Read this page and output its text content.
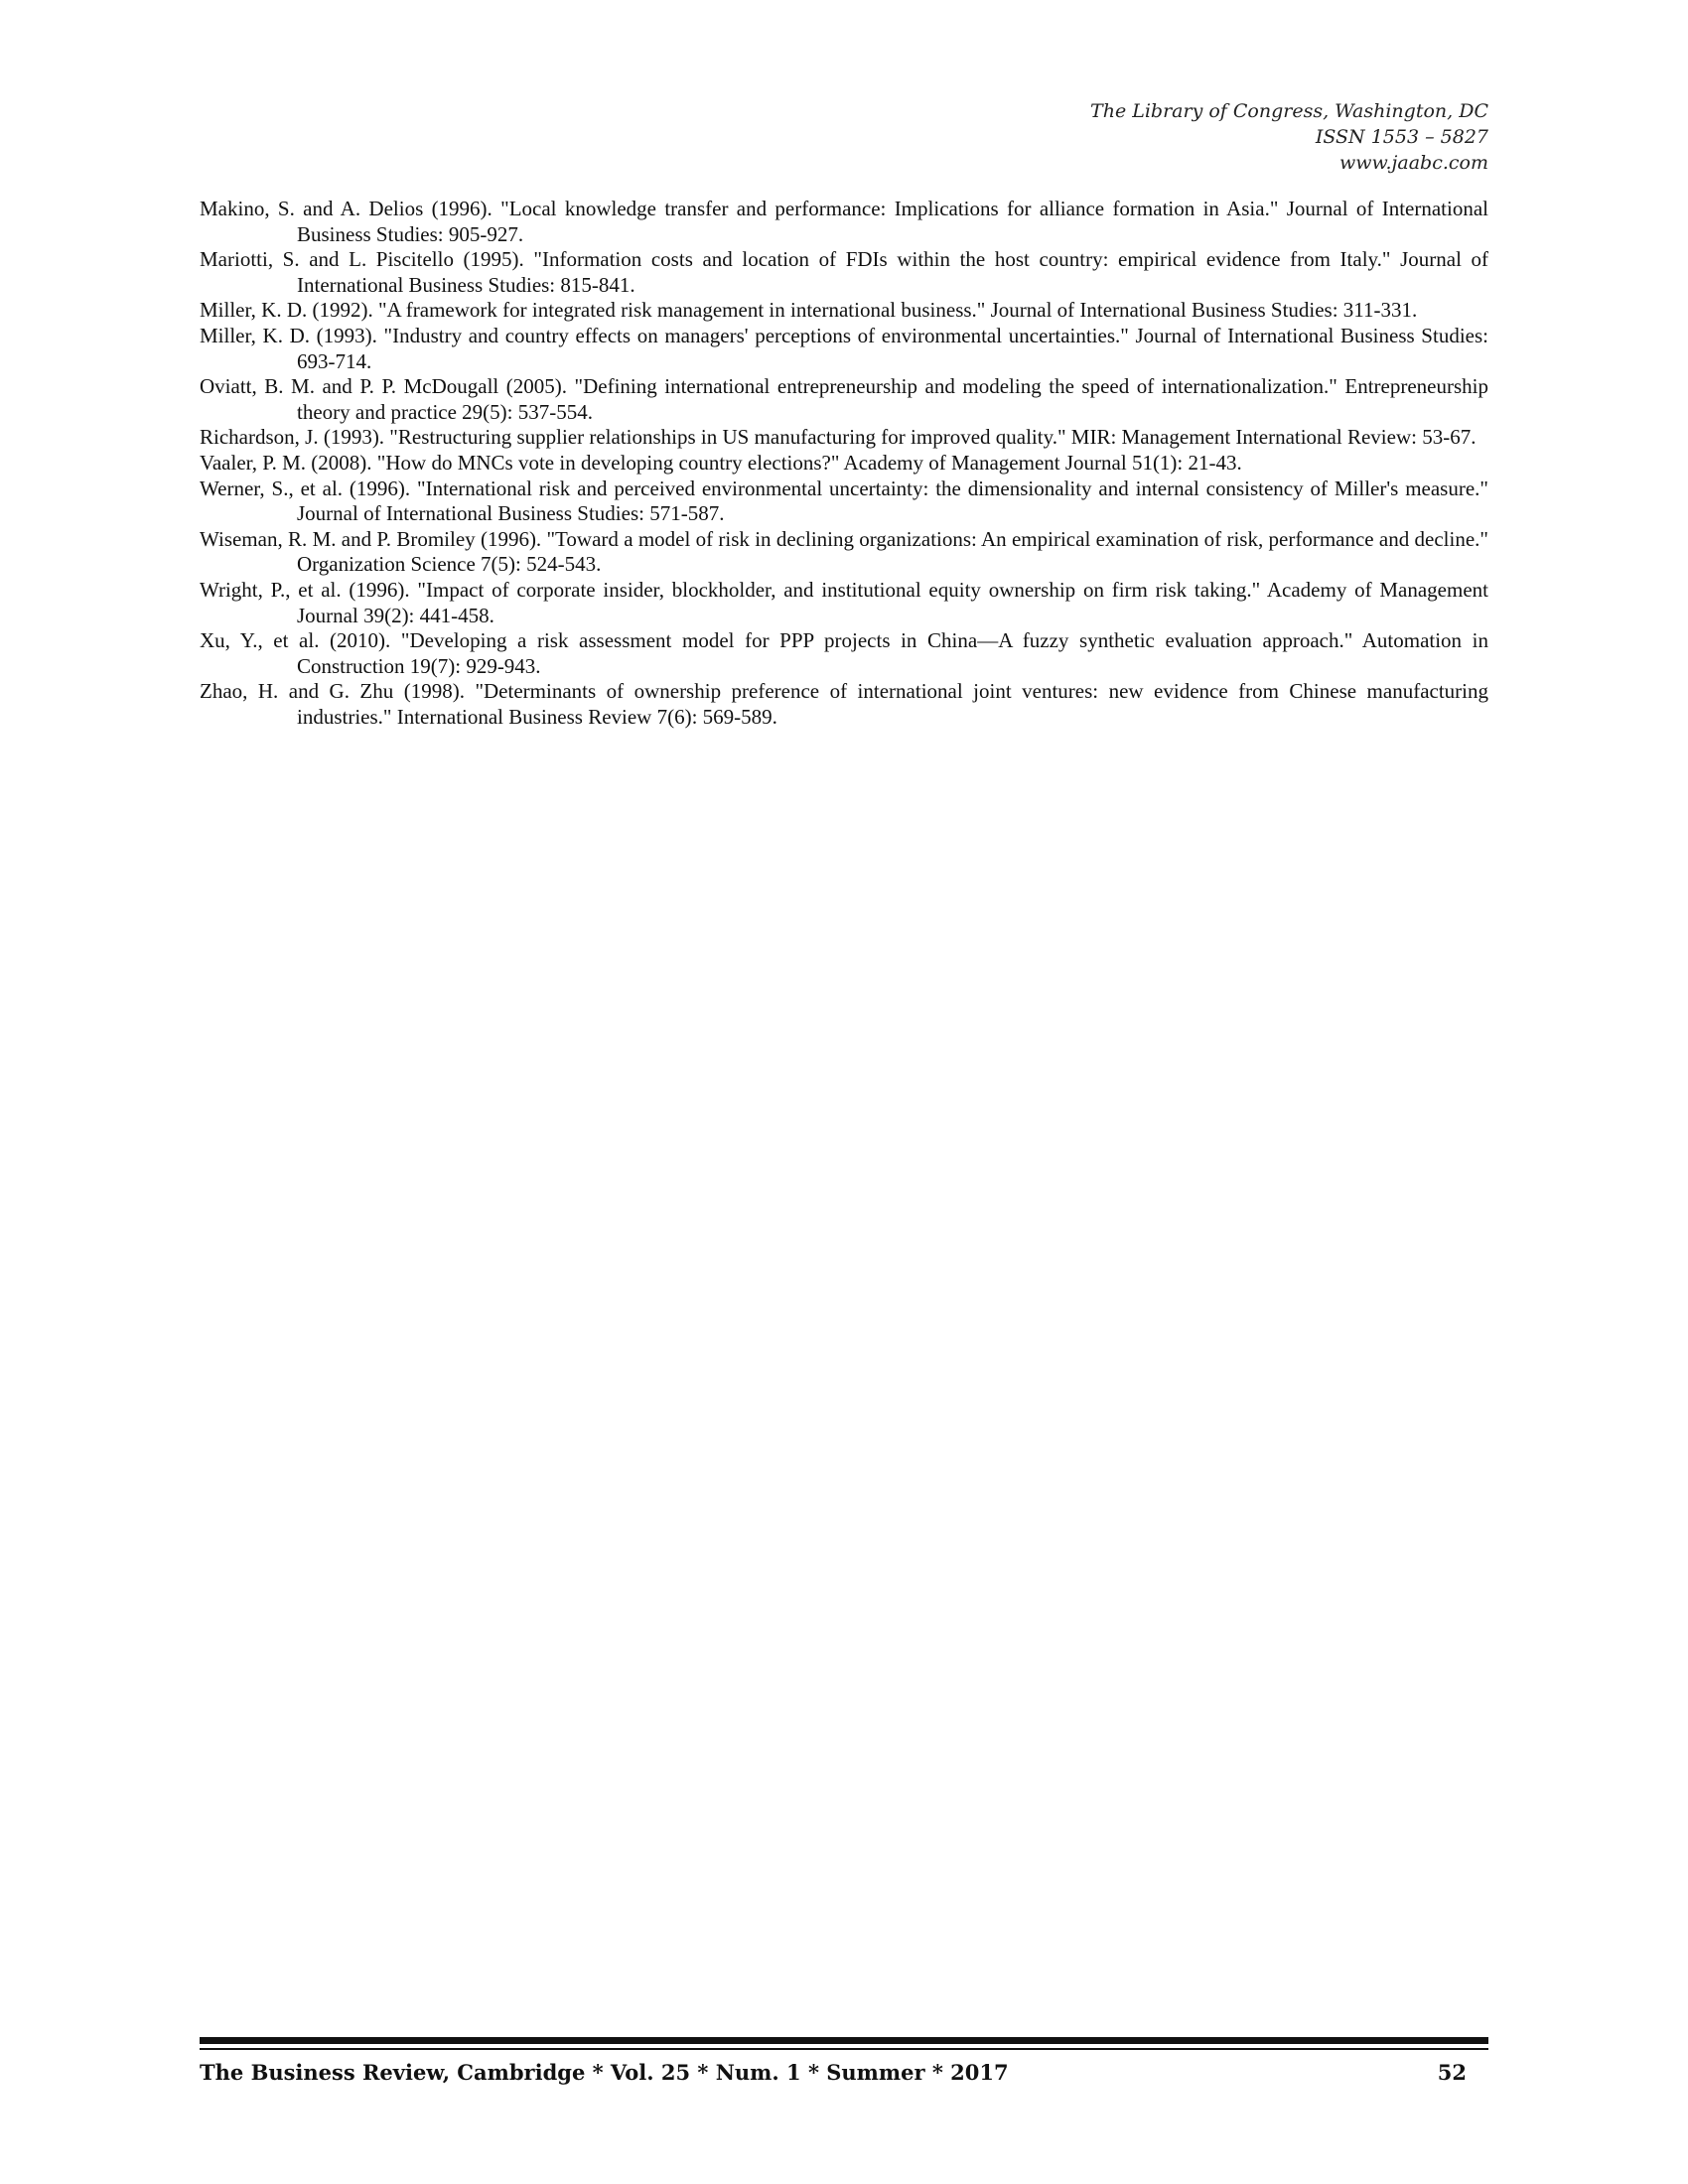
The Library of Congress, Washington, DC
ISSN 1553 – 5827
www.jaabc.com
Makino, S. and A. Delios (1996). "Local knowledge transfer and performance: Implications for alliance formation in Asia." Journal of International Business Studies: 905-927.
Mariotti, S. and L. Piscitello (1995). "Information costs and location of FDIs within the host country: empirical evidence from Italy." Journal of International Business Studies: 815-841.
Miller, K. D. (1992). "A framework for integrated risk management in international business." Journal of International Business Studies: 311-331.
Miller, K. D. (1993). "Industry and country effects on managers' perceptions of environmental uncertainties." Journal of International Business Studies: 693-714.
Oviatt, B. M. and P. P. McDougall (2005). "Defining international entrepreneurship and modeling the speed of internationalization." Entrepreneurship theory and practice 29(5): 537-554.
Richardson, J. (1993). "Restructuring supplier relationships in US manufacturing for improved quality." MIR: Management International Review: 53-67.
Vaaler, P. M. (2008). "How do MNCs vote in developing country elections?" Academy of Management Journal 51(1): 21-43.
Werner, S., et al. (1996). "International risk and perceived environmental uncertainty: the dimensionality and internal consistency of Miller's measure." Journal of International Business Studies: 571-587.
Wiseman, R. M. and P. Bromiley (1996). "Toward a model of risk in declining organizations: An empirical examination of risk, performance and decline." Organization Science 7(5): 524-543.
Wright, P., et al. (1996). "Impact of corporate insider, blockholder, and institutional equity ownership on firm risk taking." Academy of Management Journal 39(2): 441-458.
Xu, Y., et al. (2010). "Developing a risk assessment model for PPP projects in China—A fuzzy synthetic evaluation approach." Automation in Construction 19(7): 929-943.
Zhao, H. and G. Zhu (1998). "Determinants of ownership preference of international joint ventures: new evidence from Chinese manufacturing industries." International Business Review 7(6): 569-589.
The Business Review, Cambridge * Vol. 25 * Num. 1 * Summer * 2017	52
